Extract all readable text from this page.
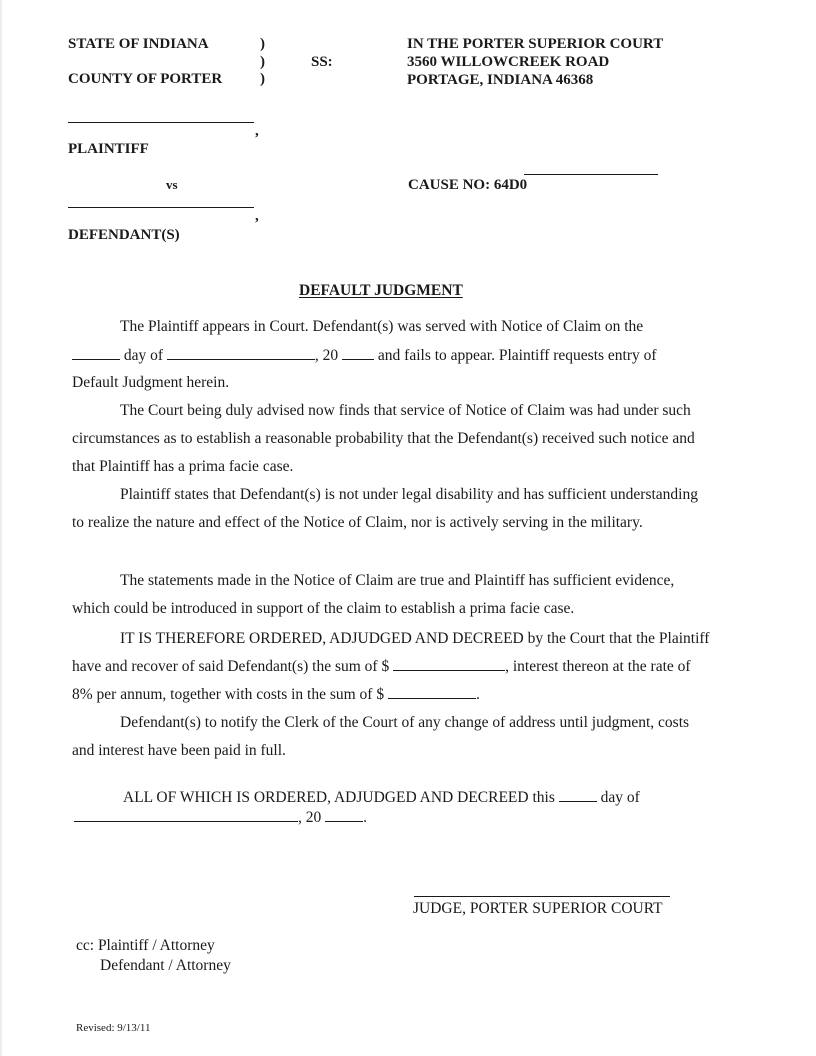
STATE OF INDIANA
COUNTY OF PORTER
)
)
)
SS:
IN THE PORTER SUPERIOR COURT
3560 WILLOWCREEK ROAD
PORTAGE, INDIANA 46368
,
PLAINTIFF
vs
,
DEFENDANT(S)
CAUSE NO: 64D0
DEFAULT JUDGMENT
The Plaintiff appears in Court. Defendant(s) was served with Notice of Claim on the
day of	, 20	and fails to appear. Plaintiff requests entry of
Default Judgment herein.

The Court being duly advised now finds that service of Notice of Claim was had under such circumstances as to establish a reasonable probability that the Defendant(s) received such notice and that Plaintiff has a prima facie case.

Plaintiff states that Defendant(s) is not under legal disability and has sufficient understanding to realize the nature and effect of the Notice of Claim, nor is actively serving in the military.

The statements made in the Notice of Claim are true and Plaintiff has sufficient evidence, which could be introduced in support of the claim to establish a prima facie case.

IT IS THEREFORE ORDERED, ADJUDGED AND DECREED by the Court that the Plaintiff have and recover of said Defendant(s) the sum of $	, interest thereon at the rate of 8% per annum, together with costs in the sum of $	.

Defendant(s) to notify the Clerk of the Court of any change of address until judgment, costs and interest have been paid in full.

ALL OF WHICH IS ORDERED, ADJUDGED AND DECREED this	day of
, 20	.
JUDGE, PORTER SUPERIOR COURT
cc: Plaintiff / Attorney
Defendant / Attorney
Revised: 9/13/11
